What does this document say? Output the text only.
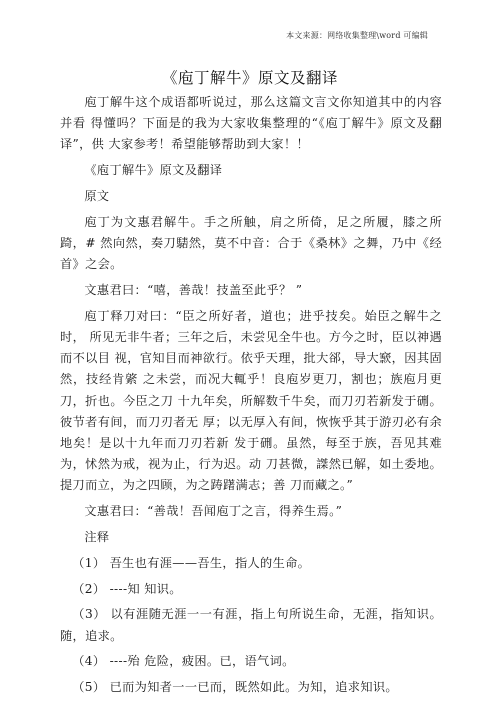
本文来源：网络收集整理\word 可编辑
《庖丁解牛》原文及翻译

庖丁解牛这个成语都听说过，那么这篇文言文你知道其中的内容并看 得懂吗？下面是的我为大家收集整理的“《庖丁解牛》原文及翻译”，供 大家参考！希望能够帮助到大家！！

《庖丁解牛》原文及翻译

原文

庖丁为文惠君解牛。手之所触，肩之所倚，足之所履，膝之所踦，# 然向然，奏刀騞然，莫不中音：合于《桑林》之舞，乃中《经首》之会。

文惠君曰：“嘻，善哉！技盖至此乎？ ”

庖丁释刀对曰：“臣之所好者，道也；进乎技矣。始臣之解牛之时， 所见无非牛者；三年之后，未尝见全牛也。方今之时，臣以神遇而不以目 视，官知目而神欲行。依乎天理，批大郤，导大窾，因其固然，技经肯綮 之未尝，而况大輒乎！良庖岁更刀，割也；族庖月更刀，折也。今臣之刀 十九年矣，所解数千牛矣，而刀刃若新发于硎。彼节者有间，而刀刃者无 厚；以无厚入有间，恢恢乎其于游刃必有余地矣！是以十九年而刀刃若新 发于硎。虽然，每至于族，吾见其难为，怵然为戒，视为止，行为迟。动 刀甚微，謋然已解，如土委地。提刀而立，为之四顾，为之踌躇满志；善 刀而藏之。”

文惠君曰：“善哉！吾闻庖丁之言，得养生焉。”

注释

（1） 吾生也有涯——吾生，指人的生命。

（2） ----知 知识。

（3） 以有涯随无涯一一有涯，指上句所说生命，无涯，指知识。 随，追求。

（4） ----殆 危险，疲困。已，语气词。

（5） 已而为知者一一已而，既然如此。为知，追求知识。
